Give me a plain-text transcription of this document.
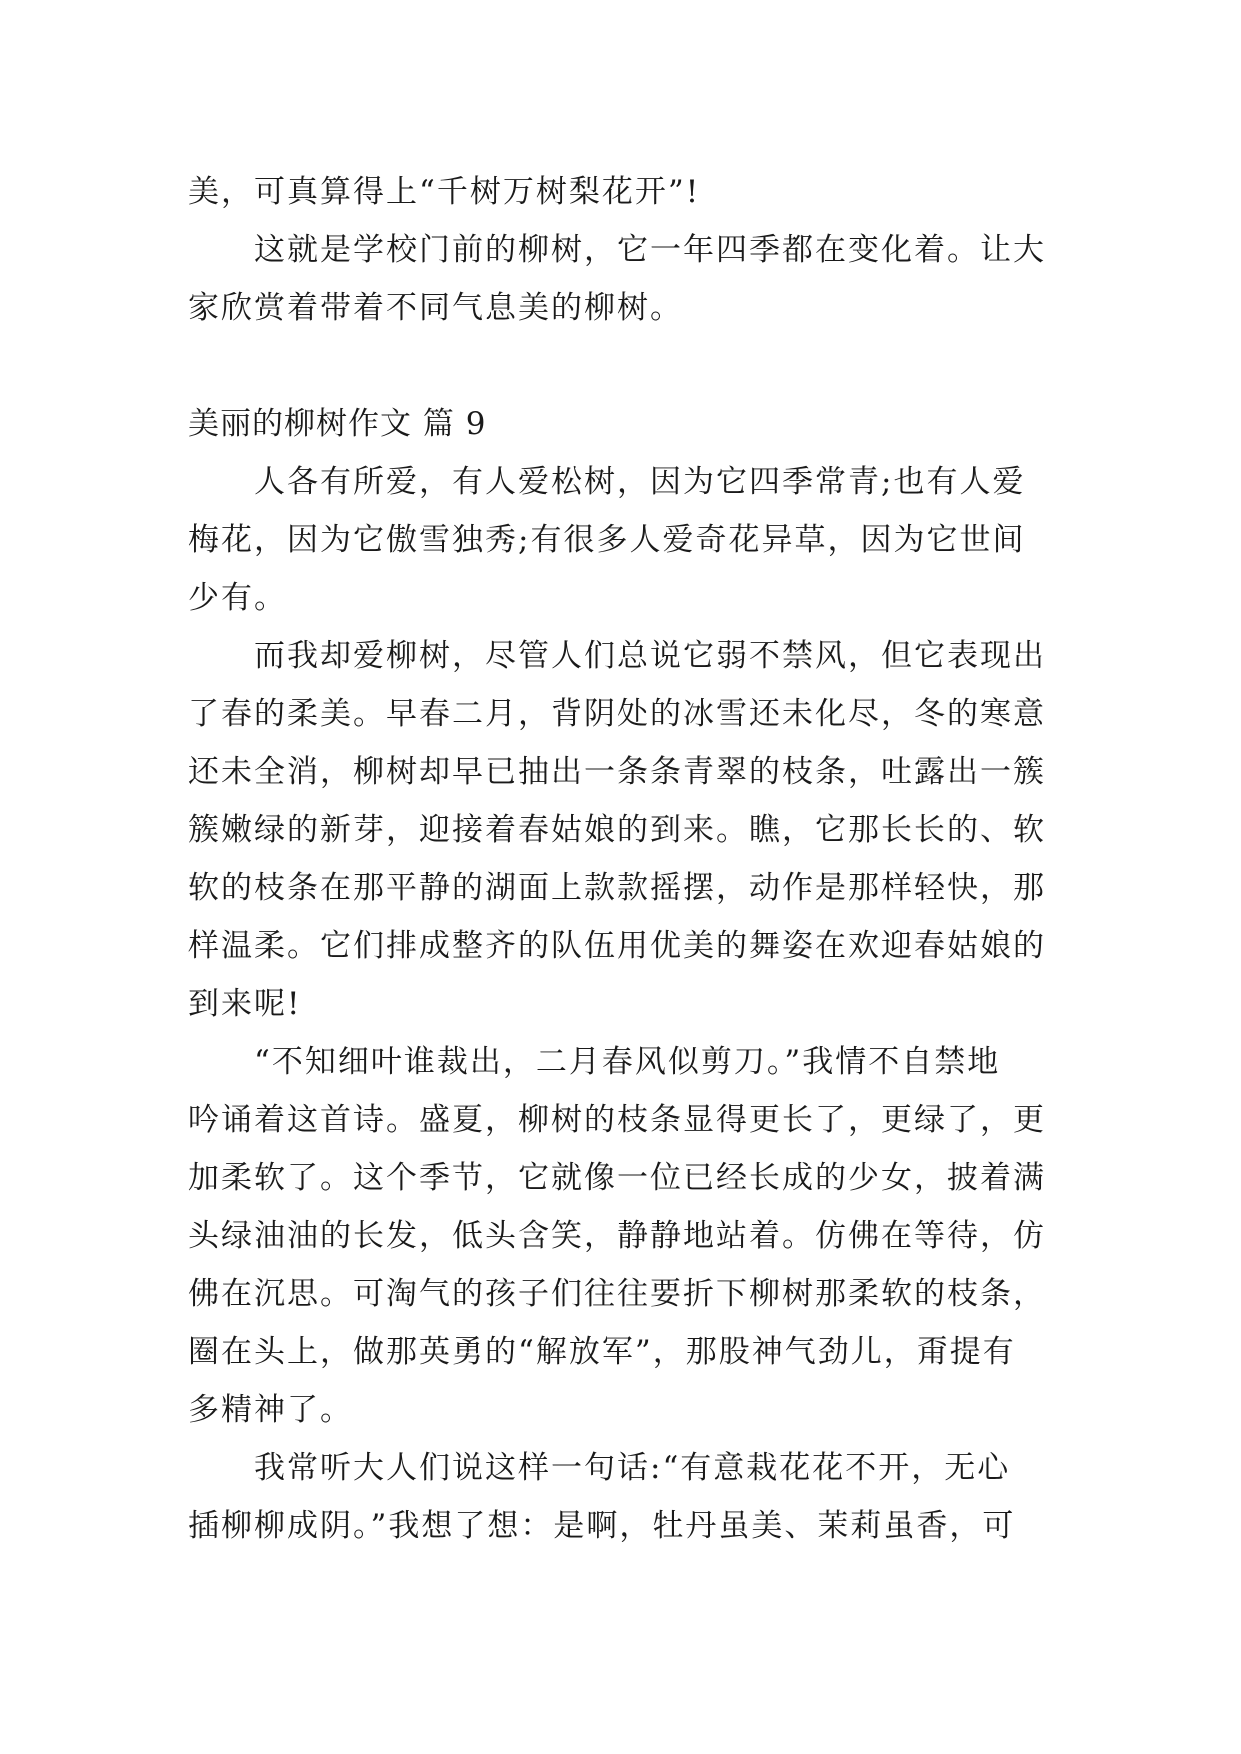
美，可真算得上“千树万树梨花开”!
这就是学校门前的柳树，它一年四季都在变化着。让大
家欣赏着带着不同气息美的柳树。
美丽的柳树作文 篇 9
人各有所爱，有人爱松树，因为它四季常青;也有人爱
梅花，因为它傲雪独秀;有很多人爱奇花异草，因为它世间
少有。
而我却爱柳树，尽管人们总说它弱不禁风，但它表现出
了春的柔美。早春二月，背阴处的冰雪还未化尽，冬的寒意
还未全消，柳树却早已抽出一条条青翠的枝条，吐露出一簇
簇嫩绿的新芽，迎接着春姑娘的到来。瞧，它那长长的、软
软的枝条在那平静的湖面上款款摇摆，动作是那样轻快，那
样温柔。它们排成整齐的队伍用优美的舞姿在欢迎春姑娘的
到来呢!
“不知细叶谁裁出，二月春风似剪刀。”我情不自禁地
吟诵着这首诗。盛夏，柳树的枝条显得更长了，更绿了，更
加柔软了。这个季节，它就像一位已经长成的少女，披着满
头绿油油的长发，低头含笑，静静地站着。仿佛在等待，仿
佛在沉思。可淘气的孩子们往往要折下柳树那柔软的枝条，
圈在头上，做那英勇的“解放军”，那股神气劲儿，甭提有
多精神了。
我常听大人们说这样一句话:“有意栽花花不开，无心
插柳柳成阴。”我想了想：是啊，牡丹虽美、茉莉虽香，可
